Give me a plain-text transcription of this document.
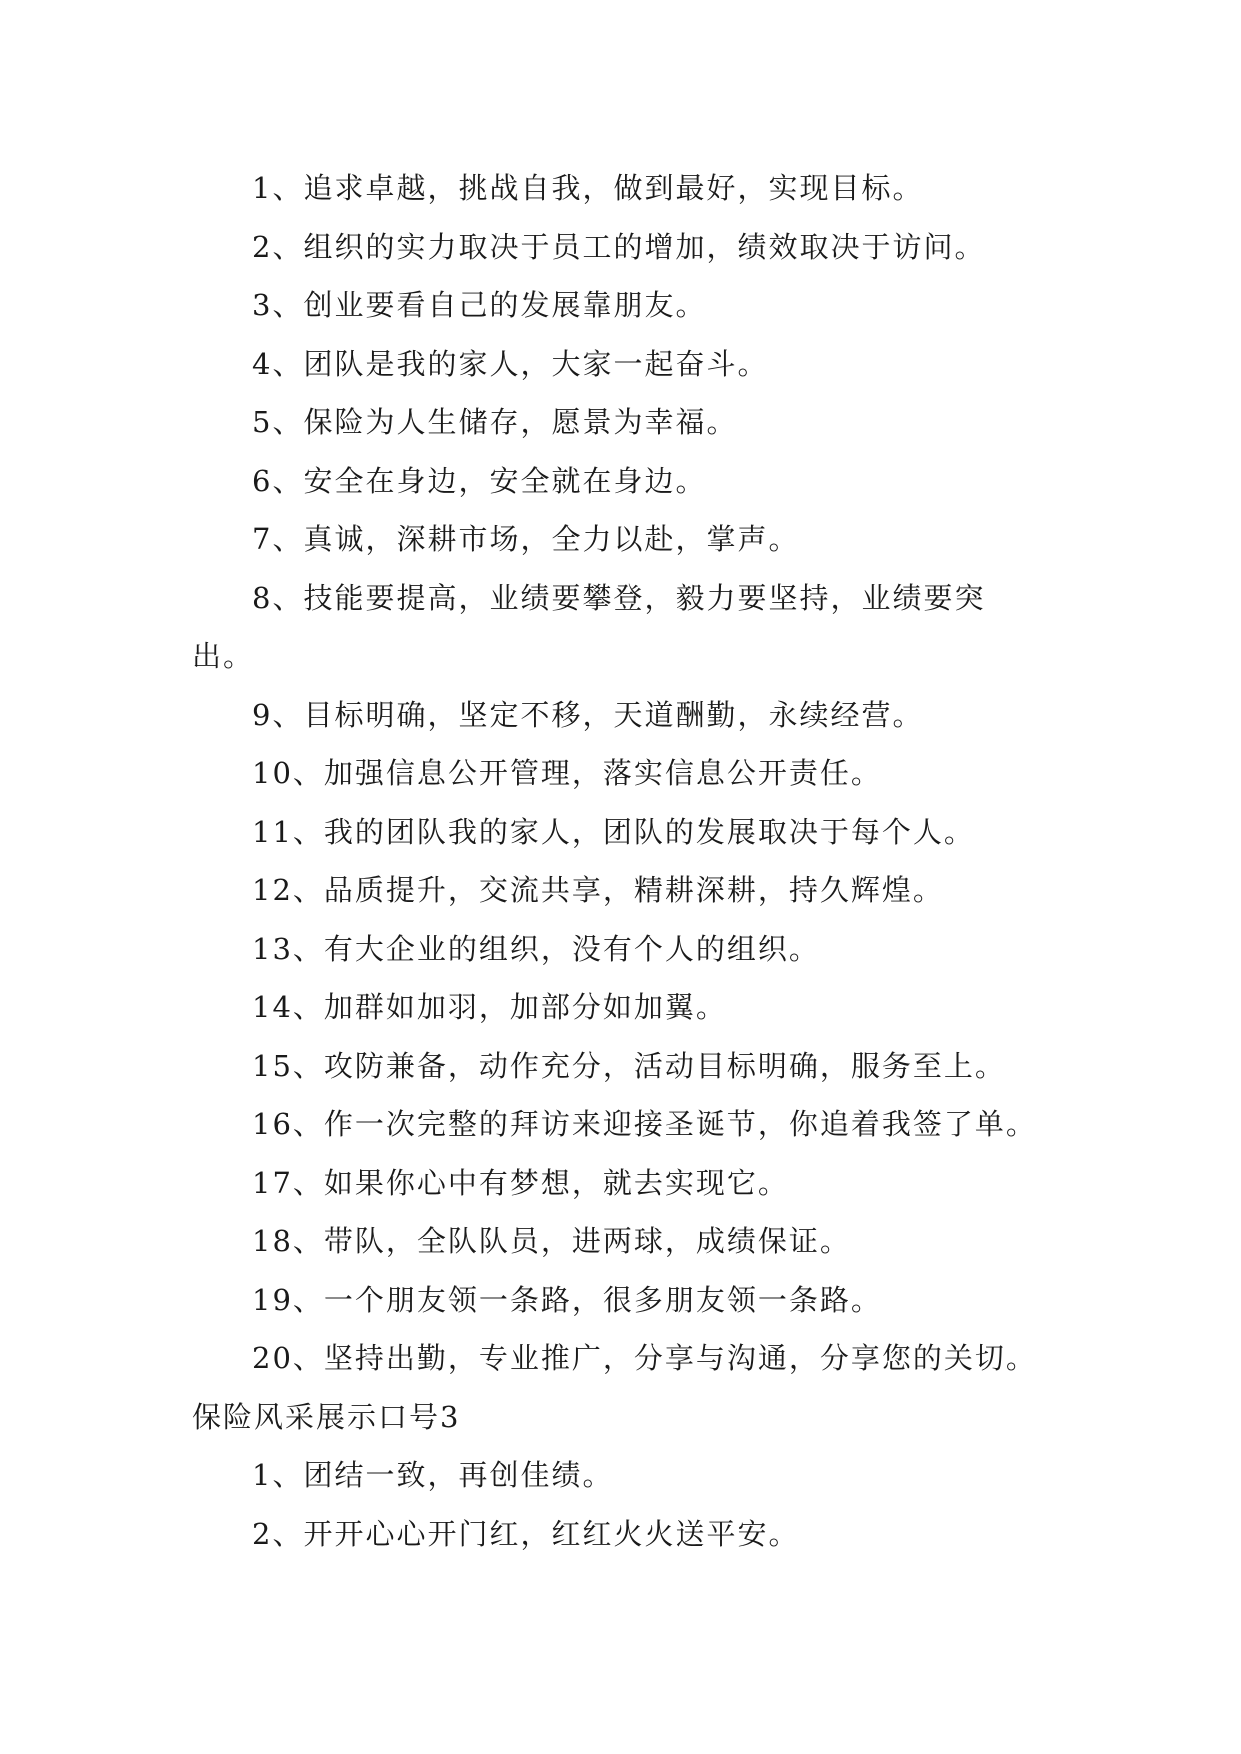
1、追求卓越，挑战自我，做到最好，实现目标。

2、组织的实力取决于员工的增加，绩效取决于访问。

3、创业要看自己的发展靠朋友。

4、团队是我的家人，大家一起奋斗。

5、保险为人生储存，愿景为幸福。

6、安全在身边，安全就在身边。

7、真诚，深耕市场，全力以赴，掌声。

8、技能要提高，业绩要攀登，毅力要坚持，业绩要突

出。

9、目标明确，坚定不移，天道酬勤，永续经营。

10、加强信息公开管理，落实信息公开责任。

11、我的团队我的家人，团队的发展取决于每个人。

12、品质提升，交流共享，精耕深耕，持久辉煌。

13、有大企业的组织，没有个人的组织。

14、加群如加羽，加部分如加翼。

15、攻防兼备，动作充分，活动目标明确，服务至上。

16、作一次完整的拜访来迎接圣诞节，你追着我签了单。

17、如果你心中有梦想，就去实现它。

18、带队，全队队员，进两球，成绩保证。

19、一个朋友领一条路，很多朋友领一条路。

20、坚持出勤，专业推广，分享与沟通，分享您的关切。

保险风采展示口号3

1、团结一致，再创佳绩。

2、开开心心开门红，红红火火送平安。
